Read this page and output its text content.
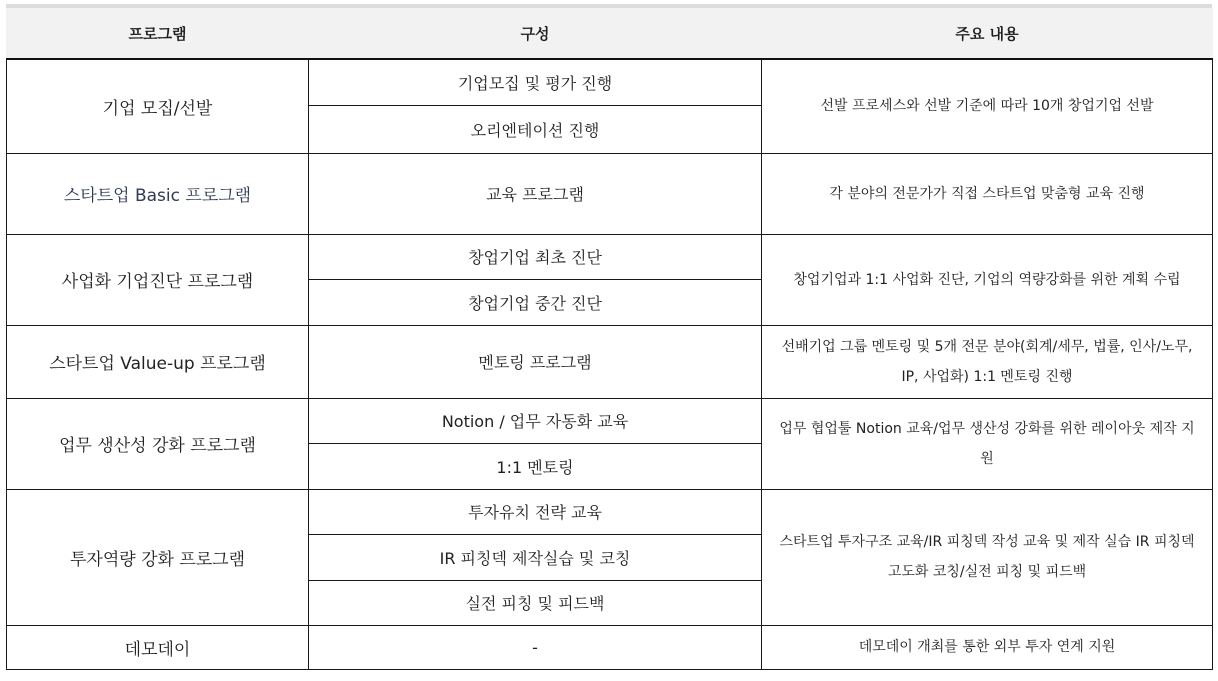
프로그램	구성	주요 내용
기업 모집/선발	기업모집 및 평가 진행	선발 프로세스와 선발 기준에 따라 10개 창업기업 선발
	오리엔테이션 진행	
스타트업 Basic 프로그램	교육 프로그램	각 분야의 전문가가 직접 스타트업 맞춤형 교육 진행
사업화 기업진단 프로그램	창업기업 최초 진단	창업기업과 1:1 사업화 진단, 기업의 역량강화를 위한 계획 수립
	창업기업 중간 진단	
스타트업 Value-up 프로그램	멘토링 프로그램	선배기업 그룹 멘토링 및 5개 전문 분야(회계/세무, 법률, 인사/노무, IP, 사업화) 1:1 멘토링 진행
업무 생산성 강화 프로그램	Notion / 업무 자동화 교육	업무 협업툴 Notion 교육/업무 생산성 강화를 위한 레이아웃 제작 지원
	1:1 멘토링	
투자역량 강화 프로그램	투자유치 전략 교육	스타트업 투자구조 교육/IR 피칭덱 작성 교육 및 제작 실습 IR 피칭덱 고도화 코칭/실전 피칭 및 피드백
	IR 피칭덱 제작실습 및 코칭	
	실전 피칭 및 피드백	
데모데이	-	데모데이 개최를 통한 외부 투자 연계 지원
